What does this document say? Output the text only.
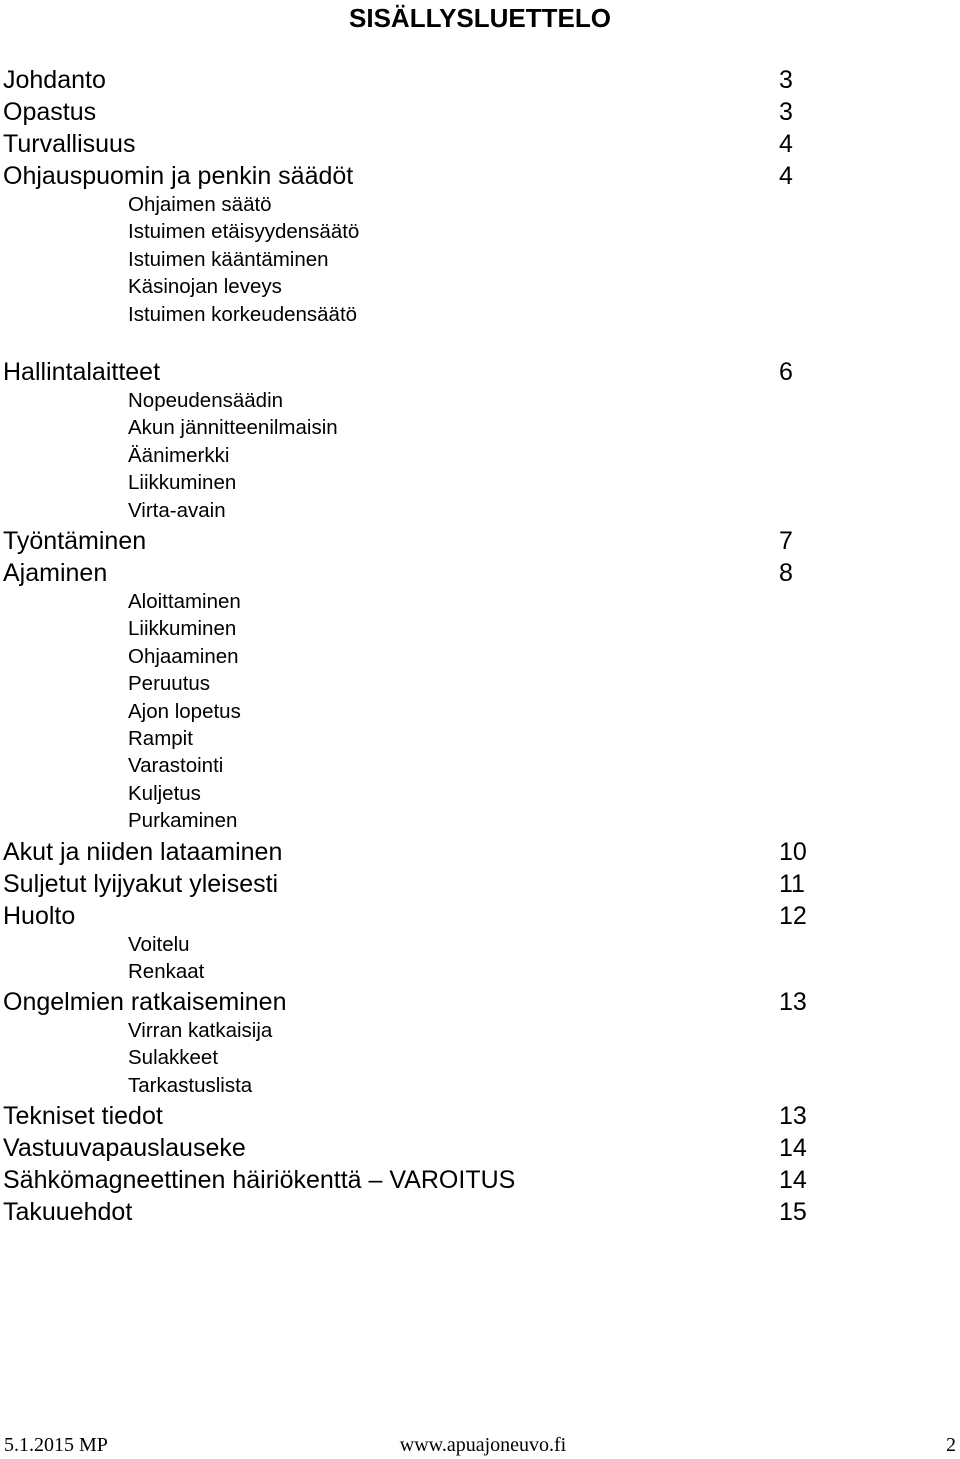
SISÄLLYSLUETTELO
Johdanto	3
Opastus	3
Turvallisuus	4
Ohjauspuomin ja penkin säädöt	4
Ohjaimen säätö
Istuimen etäisyydensäätö
Istuimen kääntäminen
Käsinojan leveys
Istuimen korkeudensäätö
Hallintalaitteet	6
Nopeudensäädin
Akun jännitteenilmaisin
Äänimerkki
Liikkuminen
Virta-avain
Työntäminen	7
Ajaminen	8
Aloittaminen
Liikkuminen
Ohjaaminen
Peruutus
Ajon lopetus
Rampit
Varastointi
Kuljetus
Purkaminen
Akut ja niiden lataaminen	10
Suljetut lyijyakut yleisesti	11
Huolto	12
Voitelu
Renkaat
Ongelmien ratkaiseminen	13
Virran katkaisija
Sulakkeet
Tarkastuslista
Tekniset tiedot	13
Vastuuvapauslauseke	14
Sähkömagneettinen häiriökenttä – VAROITUS	14
Takuuehdot	15
5.1.2015 MP	www.apuajoneuvo.fi	2
